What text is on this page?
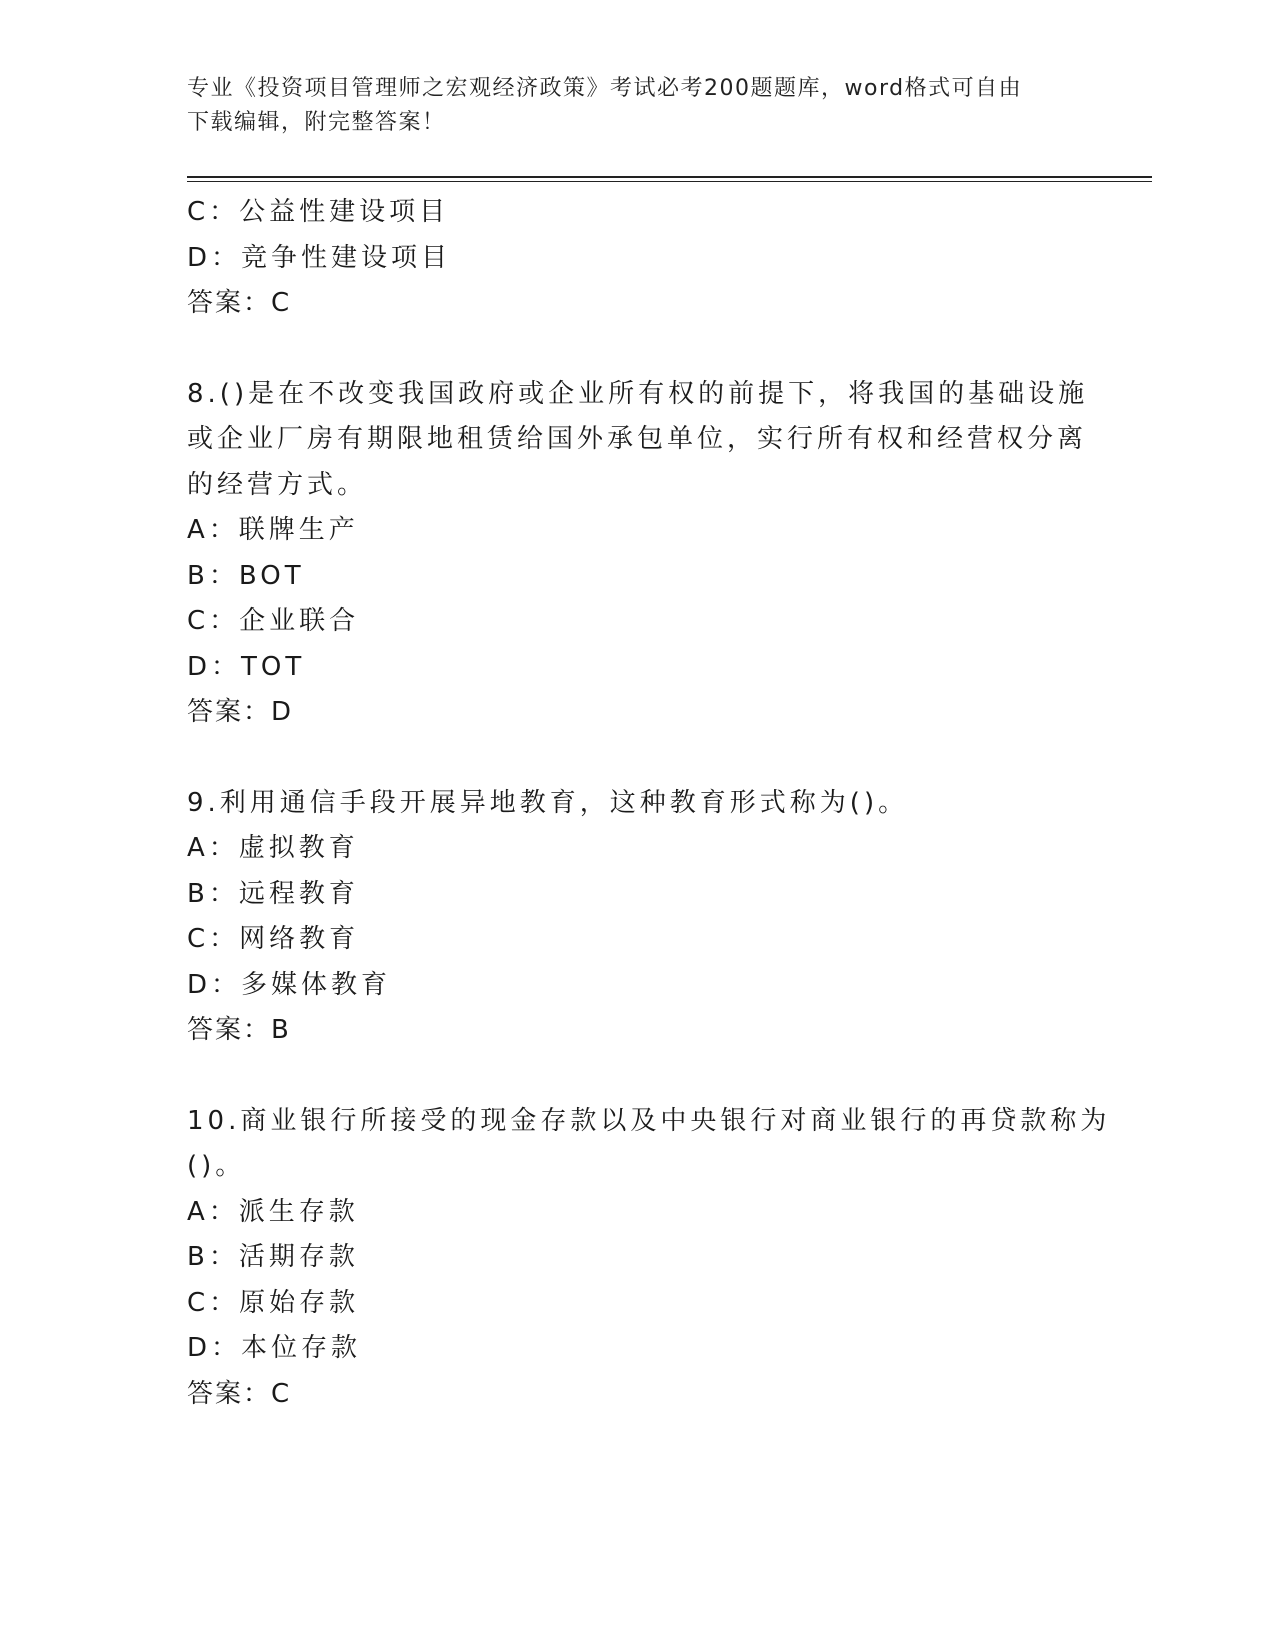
专业《投资项目管理师之宏观经济政策》考试必考200题题库，word格式可自由
下载编辑，附完整答案！
C：公益性建设项目
D：竞争性建设项目
答案：C
8.()是在不改变我国政府或企业所有权的前提下，将我国的基础设施
或企业厂房有期限地租赁给国外承包单位，实行所有权和经营权分离
的经营方式。
A：联牌生产
B：BOT
C：企业联合
D：TOT
答案：D
9.利用通信手段开展异地教育，这种教育形式称为()。
A：虚拟教育
B：远程教育
C：网络教育
D：多媒体教育
答案：B
10.商业银行所接受的现金存款以及中央银行对商业银行的再贷款称为
()。
A：派生存款
B：活期存款
C：原始存款
D：本位存款
答案：C
